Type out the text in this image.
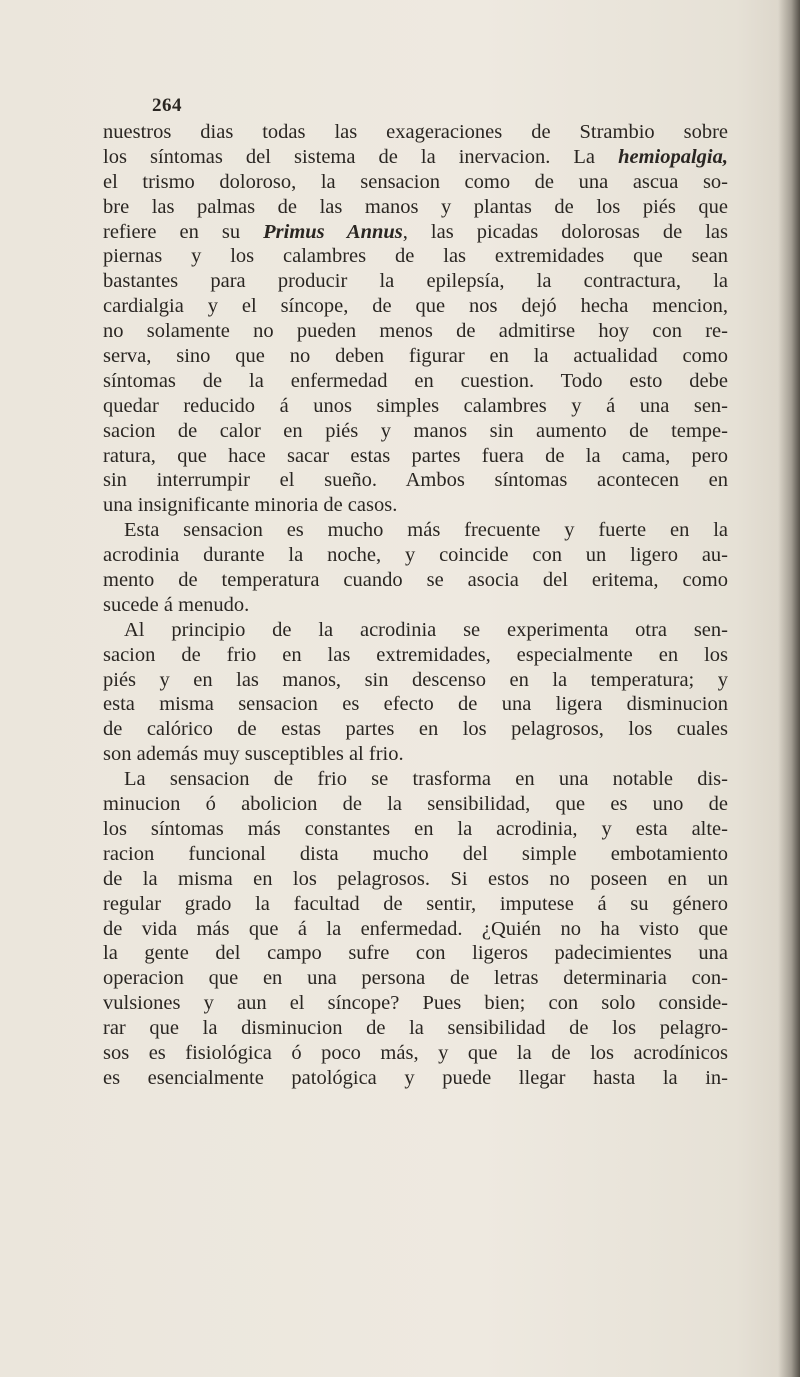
264
nuestros dias todas las exageraciones de Strambio sobre
los síntomas del sistema de la inervacion. La hemiopalgia,
el trismo doloroso, la sensacion como de una ascua so-
bre las palmas de las manos y plantas de los piés que
refiere en su Primus Annus, las picadas dolorosas de las
piernas y los calambres de las extremidades que sean
bastantes para producir la epilepsía, la contractura, la
cardialgia y el síncope, de que nos dejó hecha mencion,
no solamente no pueden menos de admitirse hoy con re-
serva, sino que no deben figurar en la actualidad como
síntomas de la enfermedad en cuestion. Todo esto debe
quedar reducido á unos simples calambres y á una sen-
sacion de calor en piés y manos sin aumento de tempe-
ratura, que hace sacar estas partes fuera de la cama, pero
sin interrumpir el sueño. Ambos síntomas acontecen en
una insignificante minoria de casos.
Esta sensacion es mucho más frecuente y fuerte en la
acrodinia durante la noche, y coincide con un ligero au-
mento de temperatura cuando se asocia del eritema, como
sucede á menudo.
Al principio de la acrodinia se experimenta otra sen-
sacion de frio en las extremidades, especialmente en los
piés y en las manos, sin descenso en la temperatura; y
esta misma sensacion es efecto de una ligera disminucion
de calórico de estas partes en los pelagrosos, los cuales
son además muy susceptibles al frio.
La sensacion de frio se trasforma en una notable dis-
minucion ó abolicion de la sensibilidad, que es uno de
los síntomas más constantes en la acrodinia, y esta alte-
racion funcional dista mucho del simple embotamiento
de la misma en los pelagrosos. Si estos no poseen en un
regular grado la facultad de sentir, imputese á su género
de vida más que á la enfermedad. ¿Quién no ha visto que
la gente del campo sufre con ligeros padecimientes una
operacion que en una persona de letras determinaria con-
vulsiones y aun el síncope? Pues bien; con solo conside-
rar que la disminucion de la sensibilidad de los pelagro-
sos es fisiológica ó poco más, y que la de los acrodínicos
es esencialmente patológica y puede llegar hasta la in-
